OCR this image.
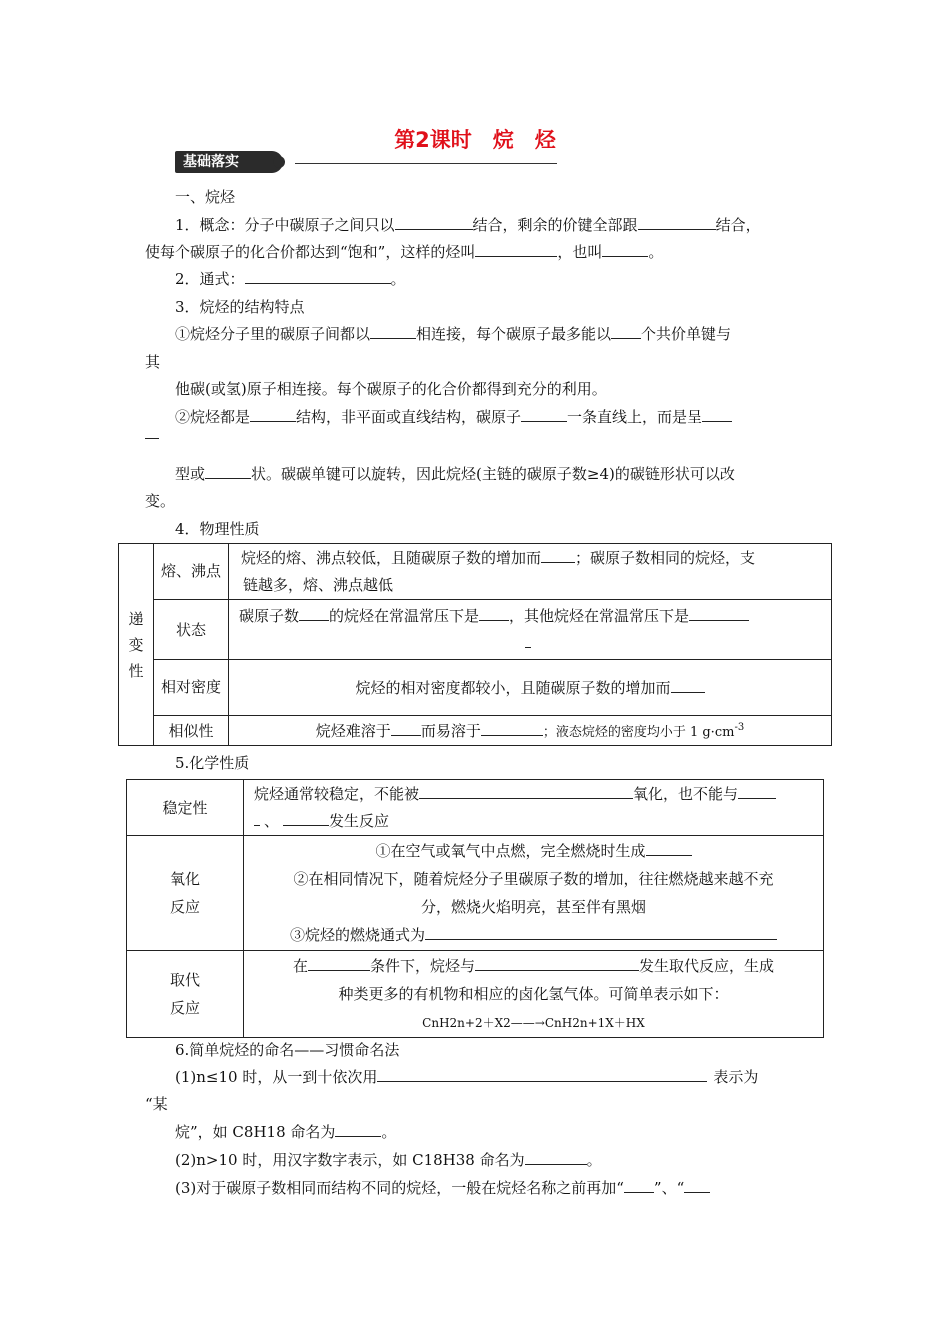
第2课时　烷　烃
基础落实
一、烷烃
1．概念：分子中碳原子之间只以	结合，剩余的价键全部跟	结合，
使每个碳原子的化合价都达到“饱和”，这样的烃叫	，也叫	。
2．通式：	。
3．烷烃的结构特点
①烷烃分子里的碳原子间都以	相连接，每个碳原子最多能以 个共价单键与
其
他碳(或氢)原子相连接。每个碳原子的化合价都得到充分的利用。
②烷烃都是	结构，非平面或直线结构，碳原子	一条直线上，而是呈
型或	状。碳碳单键可以旋转，因此烷烃(主链的碳原子数≥4)的碳链形状可以改
变。
4．物理性质
递变性	熔、沸点	烷烃的熔、沸点较低，且随碳原子数的增加而 ；碳原子数相同的烷烃，支
链越多，熔、沸点越低
	状态	碳原子数 的烷烃在常温常压下是 ，其他烷烃在常温常压下是

	相对密度	烷烃的相对密度都较小，且随碳原子数的增加而
	相似性	烷烃难溶于 而易溶于 ；液态烷烃的密度均小于 1 $g\cdot cm^{-3}$
5.化学性质
稳定性	烷烃通常较稳定，不能被 氧化，也不能与
、 发生反应
氧化
反应	①在空气或氧气中点燃，完全燃烧时生成
②在相同情况下，随着烷烃分子里碳原子数的增加，往往燃烧越来越不充
分，燃烧火焰明亮，甚至伴有黑烟
③烷烃的燃烧通式为
取代
反应	在 条件下，烷烃与 发生取代反应，生成
种类更多的有机物和相应的卤化氢气体。可简单表示如下：
CnH2n+2＋X2——→CnH2n+1X＋HX
6.简单烷烃的命名——习惯命名法
(1)n≤10 时，从一到十依次用	表示为
“某
烷”，如 C8H18 命名为	。
(2)n>10 时，用汉字数字表示，如 C18H38 命名为	。
(3)对于碳原子数相同而结构不同的烷烃，一般在烷烃名称之前再加“ ”、“
